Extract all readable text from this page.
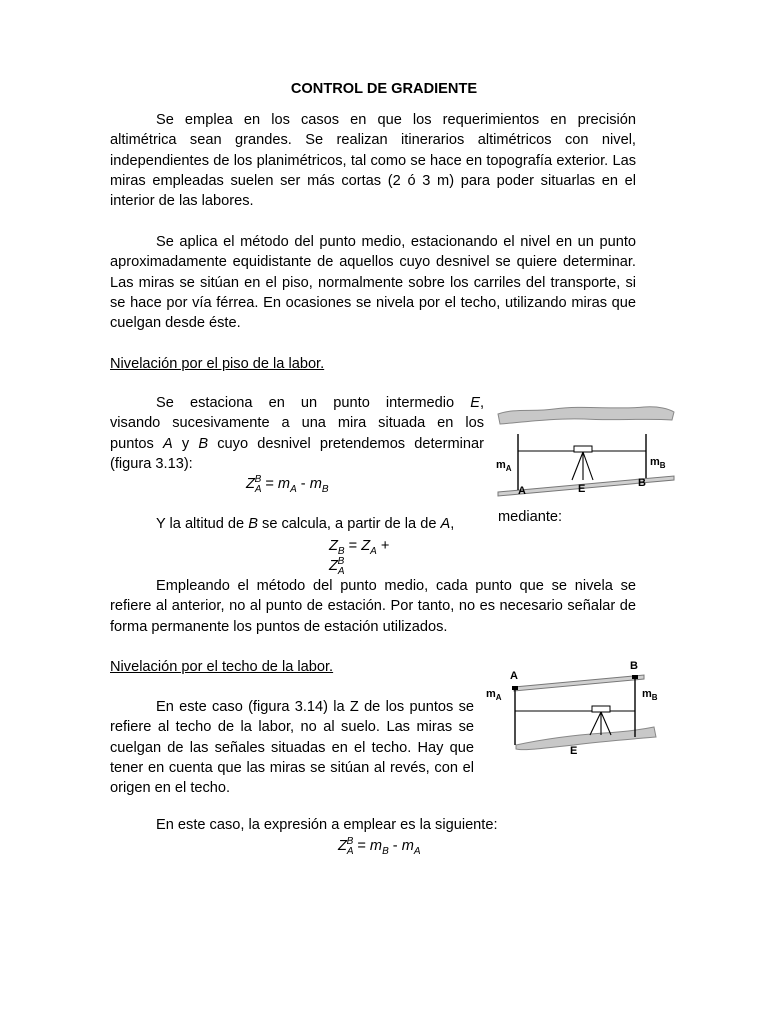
CONTROL DE GRADIENTE
Se emplea en los casos en que los requerimientos en precisión altimétrica sean grandes. Se realizan itinerarios altimétricos con nivel, independientes de los planimétricos, tal como se hace en topografía exterior. Las miras empleadas suelen ser más cortas (2 ó 3 m) para poder situarlas en el interior de las labores.
Se aplica el método del punto medio, estacionando el nivel en un punto aproximadamente equidistante de aquellos cuyo desnivel se quiere determinar. Las miras se sitúan en el piso, normalmente sobre los carriles del transporte, si se hace por vía férrea. En ocasiones se nivela por el techo, utilizando miras que cuelgan desde éste.
Nivelación por el piso de la labor.
Se estaciona en un punto intermedio E,
visando sucesivamente a una mira situada en los
puntos A y B cuyo desnivel pretendemos determinar
(figura 3.13):
$Z_A^B = m_A - m_B$
Y la altitud de B se calcula, a partir de la de A,	mediante:
$Z_B = Z_A + Z_A^B$
Empleando el método del punto medio, cada punto que se nivela se refiere al anterior, no al punto de estación. Por tanto, no es necesario señalar de forma permanente los puntos de estación utilizados.
Nivelación por el techo de la labor.
En este caso (figura 3.14) la Z de los puntos se refiere al techo de la labor, no al suelo. Las miras se cuelgan de las señales situadas en el techo. Hay que tener en cuenta que las miras se sitúan al revés, con el origen en el techo.
En este caso, la expresión a emplear es la siguiente:
$Z_A^B = m_B - m_A$
$m_A$
$m_B$
A	E	B
$m_A$	$m_B$
A
B
E
